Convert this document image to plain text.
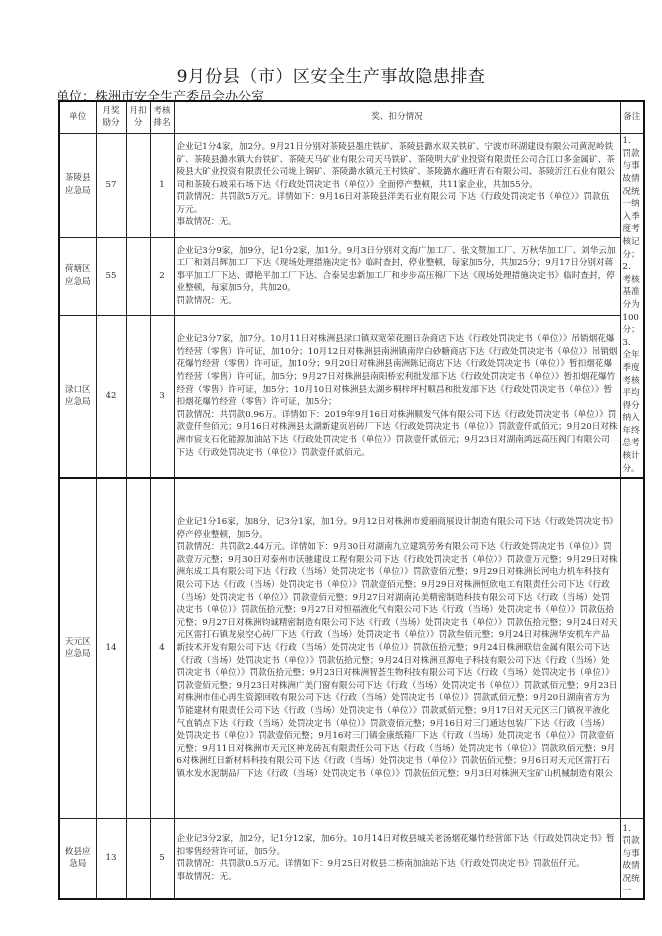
9月份县（市）区安全生产事故隐患排查
单位：株洲市安全生产委员会办公室
单位	月奖励分	月扣分	考核排名	奖、扣分情况	备注
茶陵县应急局	57		1	企业记1分4家，加2分。9月21日分别对茶陵县墨庄铁矿、茶陵县潞水双关铁矿、宁波市环湖建设有限公司黄泥岭铁矿、茶陵县潞水镇大台铁矿、茶陵天马矿业有限公司天马铁矿、茶陵明大矿业投资有限责任公司合江口多金属矿、茶陵县大矿业投资有限责任公司垅上铜矿、茶陵潞水镇元王村铁矿、茶陵潞水鑫旺青石有限公司、茶陵沂江石业有限公司和茶陵石坡采石场下达《行政处罚决定书（单位）》全面停产整顿，共11家企业，共加55分。

罚款情况：共罚款5万元。详情如下：9月16日对茶陵县洋美石业有限公司 下达《行政处罚决定书（单位）》罚款伍万元。

事故情况：无。	1. 罚款与事故情况统一纳入季度考核记分；2. 考核基准分为100分；3. 全年季度考核平均得分纳入年终总考核计分。
荷塘区应急局	55		2	企业记3分9家，加9分，记1分2家，加1分。9月3日分别对文海广加工厂、张文赞加工厂、万秋华加工厂、刘华云加工厂和刘吕辉加工厂下达《现场处理措施决定书》临时查封，停业整顿，每家加5分，共加25分；9月17日分别对蒋事平加工厂下达、谭艳平加工厂下达、合泰吴忠新加工厂和步步高压棉厂下达《现场处理措施决定书》临时查封，停业整顿，每家加5分，共加20。

罚款情况：无。	

渌口区应急局	42		3	企业记3分7家，加7分。10月11日对株洲县渌口镇双宽荣花圈日杂商店下达《行政处罚决定书（单位）》吊销烟花爆竹经营（零售）许可证，加10分；10月12日对株洲县南洲镇南岸白砂糖商店下达《行政处罚决定书（单位）》吊销烟花爆竹经营（零售）许可证，加10分；9月20日对株洲县南洲陈记商店下达《行政处罚决定书（单位）》暂扣烟花爆竹经营（零售）许可证，加5分；9月27日对株洲县南阳桥宏利批发部下达《行政处罚决定书（单位）》暂扣烟花爆竹经营（零售）许可证，加5分；10月10日对株洲县太湖乡桐梓坪村顺昌和批发部下达《行政处罚决定书（单位）》暂扣烟花爆竹经营（零售）许可证，加5分；

罚款情况：共罚款0.96万。详情如下：2019年9月16日对株洲顺发气体有限公司下达《行政处罚决定书（单位）》罚款壹仟叁佰元；9月16日对株洲县太湖新建页岩砖厂下达《行政处罚决定书（单位）》罚款壹仟贰佰元；9月20日对株洲市宸支石化能源加油站下达《行政处罚决定书（单位）》罚款壹仟贰佰元；9月23日对湖南鸿远高压阀门有限公司下达《行政处罚决定书（单位）》罚款壹仟贰佰元。	

天元区应急局	14		4	企业记1分16家，加8分，记3分1家，加1分。9月12日对株洲市爱丽商展设计制造有限公司下达《行政处罚决定书》停产停业整顿，加5分。

罚款情况：共罚款2.44万元。详情如下：9月30日对湖南九立建筑劳务有限公司下达《行政处罚决定书（单位）》罚款壹万元整；9月30日对泰州市沃驰建设工程有限公司下达《行政处罚决定书（单位）》罚款壹万元整；9月29日对株洲东成工具有限公司下达《行政（当场）处罚决定书（单位）》罚款壹佰元整；9月29日对株洲长河电力机车科技有限公司下达《行政（当场）处罚决定书（单位）》罚款壹佰元整；9月29日对株洲恒欣电工有限责任公司下达《行政（当场）处罚决定书（单位）》罚款壹佰元整；9月27日对湖南沁美精密制造科技有限公司下达《行政（当场）处罚决定书（单位）》罚款伍拾元整；9月27日对恒福液化气有限公司下达《行政（当场）处罚决定书（单位）》罚款伍拾元整；9月27日对株洲钧诚精密制造有限公司下达《行政（当场）处罚决定书（单位）》罚款伍拾元整；9月24日对天元区雷打石镇龙泉空心砖厂下达《行政（当场）处罚决定书（单位）》罚款叁佰元整；9月24日对株洲华安机车产品新技术开发有限公司下达《行政（当场）处罚决定书（单位）》罚款伍拾元整；9月24日株洲联信金属有限公司下达《行政（当场）处罚决定书（单位）》罚款伍拾元整；9月24日对株洲亘源电子科技有限公司下达《行政（当场）处罚决定书（单位）》罚款伍拾元整；9月23日对株洲智荟生物科技有限公司下达《行政（当场）处罚决定书（单位）》罚款壹佰元整；9月23日对株洲广美门窗有限公司下达《行政（当场）处罚决定书（单位）》罚款贰佰元整；9月23日对株洲市佳心再生资源回收有限公司下达《行政（当场）处罚决定书（单位）》罚款贰佰元整；9月20日湖南省方为节能建材有限责任公司下达《行政（当场）处罚决定书（单位）》罚款贰佰元整；9月17日对天元区三门镇祝平液化气直销点下达《行政（当场）处罚决定书（单位）》罚款壹佰元整；9月16日对三门通达包装厂下达《行政（当场）处罚决定书（单位）》罚款壹佰元整；9月16对三门镇金康纸箱厂下达《行政（当场）处罚决定书（单位）》罚款壹佰元整；9月11日对株洲市天元区神龙砖瓦有限责任公司下达《行政（当场）处罚决定书（单位）》罚款玖佰元整；9月6对株洲红日新材料科技有限公司下达《行政（当场）处罚决定书（单位）》罚款伍佰元整；9月6日对天元区雷打石镇水发水泥制品厂下达《行政（当场）处罚决定书（单位）》罚款伍佰元整；9月3日对株洲天宝矿山机械制造有限公	

攸县应急局	13		5	企业记3分2家，加2分，记1分12家，加6分。10月14日对攸县城关老汤烟花爆竹经营部下达《行政处罚决定书》暂扣零售经营许可证，加5分。

罚款情况：共罚款0.5万元。详情如下：9月25日对攸县二桥南加油站下达《行政处罚决定书》罚款伍仟元。

事故情况：无。	1. 罚款与事故情况统一
